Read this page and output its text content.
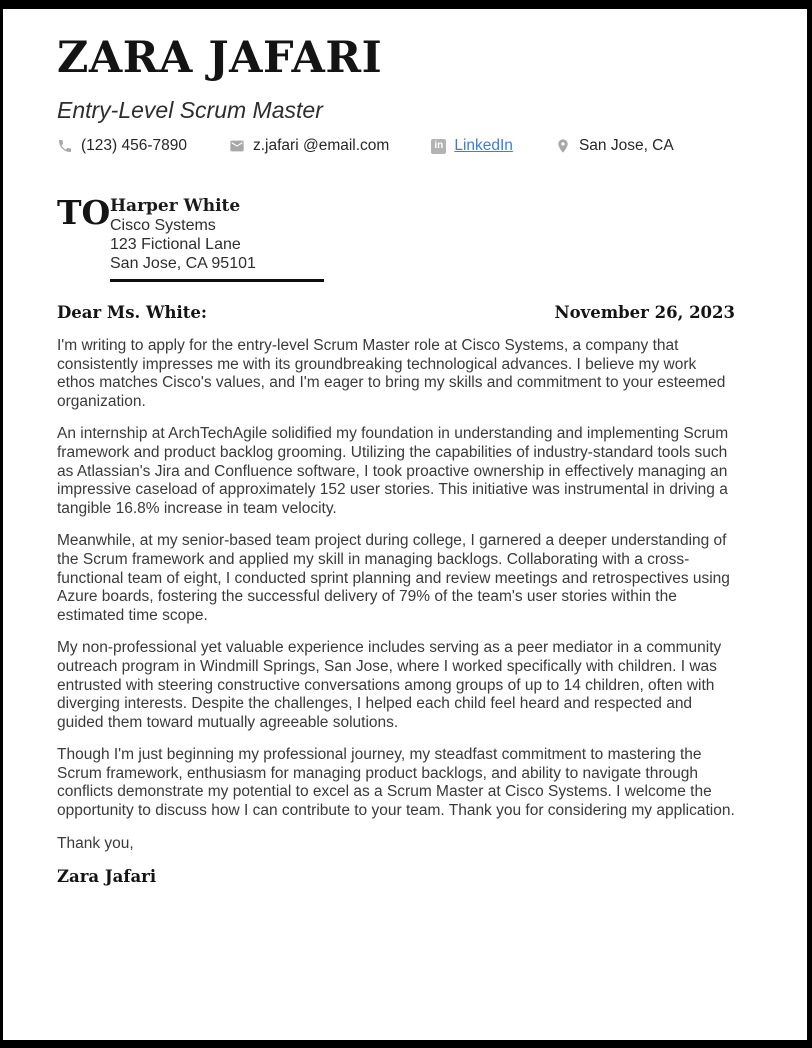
ZARA JAFARI
Entry-Level Scrum Master
(123) 456-7890	z.jafari @email.com	in LinkedIn	San Jose, CA
TO Harper White
Cisco Systems
123 Fictional Lane
San Jose, CA 95101
Dear Ms. White:	November 26, 2023

I'm writing to apply for the entry-level Scrum Master role at Cisco Systems, a company that consistently impresses me with its groundbreaking technological advances. I believe my work ethos matches Cisco's values, and I'm eager to bring my skills and commitment to your esteemed organization.

An internship at ArchTechAgile solidified my foundation in understanding and implementing Scrum framework and product backlog grooming. Utilizing the capabilities of industry-standard tools such as Atlassian's Jira and Confluence software, I took proactive ownership in effectively managing an impressive caseload of approximately 152 user stories. This initiative was instrumental in driving a tangible 16.8% increase in team velocity.

Meanwhile, at my senior-based team project during college, I garnered a deeper understanding of the Scrum framework and applied my skill in managing backlogs. Collaborating with a cross-functional team of eight, I conducted sprint planning and review meetings and retrospectives using Azure boards, fostering the successful delivery of 79% of the team's user stories within the estimated time scope.

My non-professional yet valuable experience includes serving as a peer mediator in a community outreach program in Windmill Springs, San Jose, where I worked specifically with children. I was entrusted with steering constructive conversations among groups of up to 14 children, often with diverging interests. Despite the challenges, I helped each child feel heard and respected and guided them toward mutually agreeable solutions.

Though I'm just beginning my professional journey, my steadfast commitment to mastering the Scrum framework, enthusiasm for managing product backlogs, and ability to navigate through conflicts demonstrate my potential to excel as a Scrum Master at Cisco Systems. I welcome the opportunity to discuss how I can contribute to your team. Thank you for considering my application.

Thank you,
Zara Jafari
